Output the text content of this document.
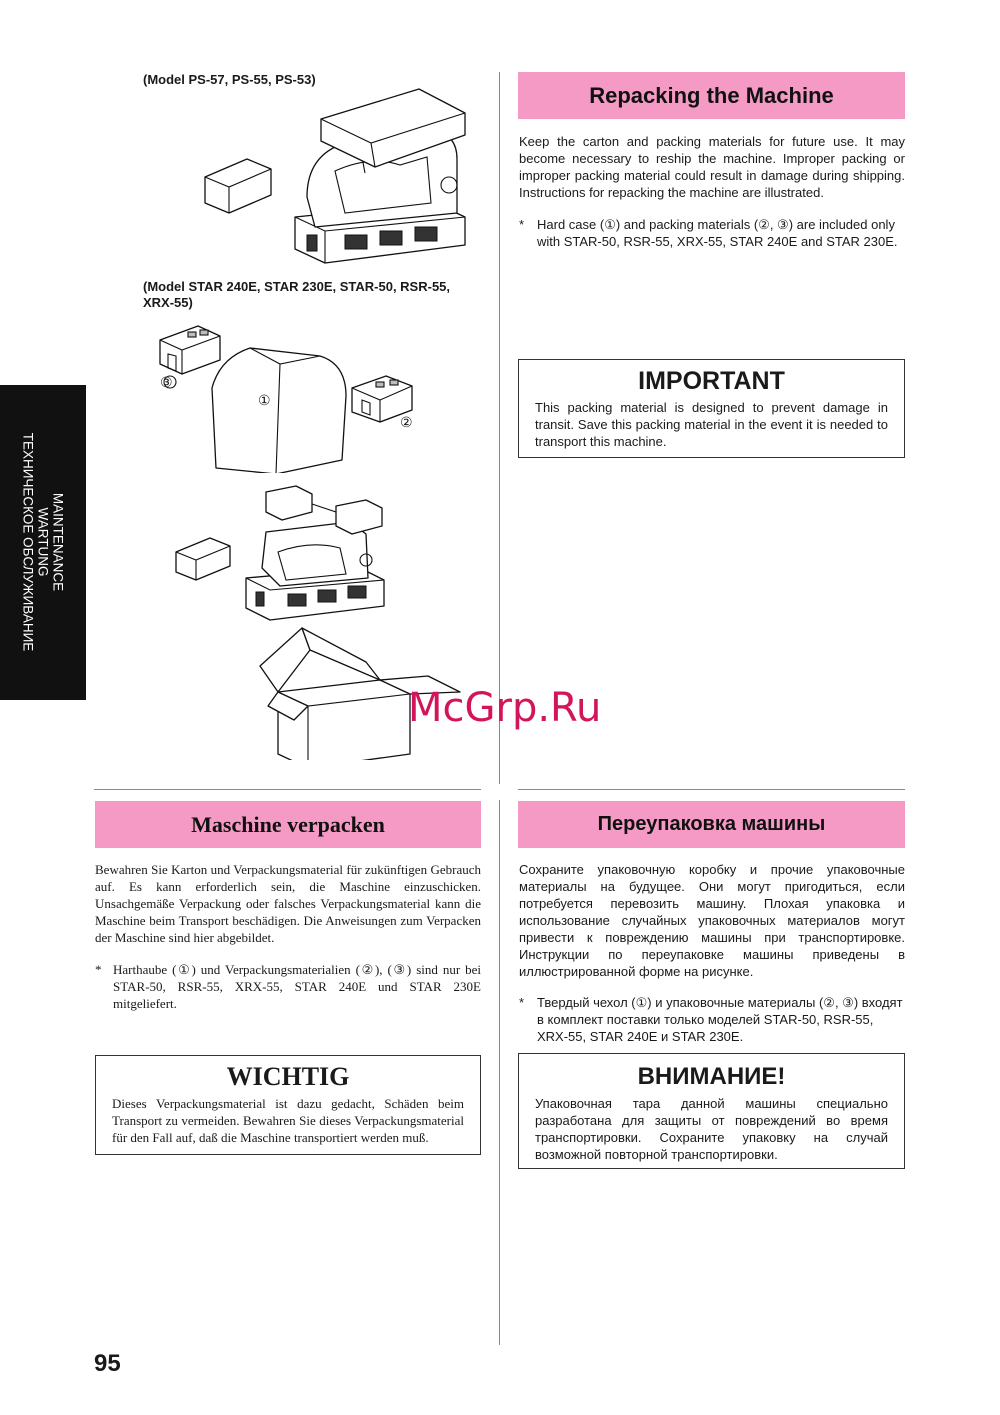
MAINTENANCE
WARTUNG
ТЕХНИЧЕСКОЕ ОБСЛУЖИВАНИЕ
(Model PS-57, PS-55, PS-53)
(Model STAR 240E, STAR 230E, STAR-50, RSR-55, XRX-55)
③
①
②
Repacking the Machine
Keep the carton and packing materials for future use. It may become necessary to reship the machine. Improper packing or improper packing material could result in damage during shipping. Instructions for repacking the machine are illustrated.
* Hard case (①) and packing materials (②, ③) are included only with STAR-50, RSR-55, XRX-55, STAR 240E and STAR 230E.
IMPORTANT
This packing material is designed to prevent damage in transit. Save this packing material in the event it is needed to transport this machine.
Maschine verpacken
Bewahren Sie Karton und Verpackungsmaterial für zukünftigen Gebrauch auf. Es kann erforderlich sein, die Maschine einzuschicken. Unsachgemäße Verpackung oder falsches Verpackungsmaterial kann die Maschine beim Transport beschädigen. Die Anweisungen zum Verpacken der Maschine sind hier abgebildet.
* Harthaube (①) und Verpackungsmaterialien (②), (③) sind nur bei STAR-50, RSR-55, XRX-55, STAR 240E und STAR 230E mitgeliefert.
WICHTIG
Dieses Verpackungsmaterial ist dazu gedacht, Schäden beim Transport zu vermeiden. Bewahren Sie dieses Verpackungsmaterial für den Fall auf, daß die Maschine transportiert werden muß.
Переупаковка машины
Сохраните упаковочную коробку и прочие упаковочные материалы на будущее. Они могут пригодиться, если потребуется перевозить машину. Плохая упаковка и использование случайных упаковочных материалов могут привести к повреждению машины при транспортировке. Инструкции по переупаковке машины приведены в иллюстрированной форме на рисунке.
* Твердый чехол (①) и упаковочные материалы (②, ③) входят в комплект поставки только моделей STAR-50, RSR-55, XRX-55, STAR 240E и STAR 230E.
ВНИМАНИЕ!
Упаковочная тара данной машины специально разработана для защиты от повреждений во время транспортировки. Сохраните упаковку на случай возможной повторной транспортировки.
McGrp.Ru
95
